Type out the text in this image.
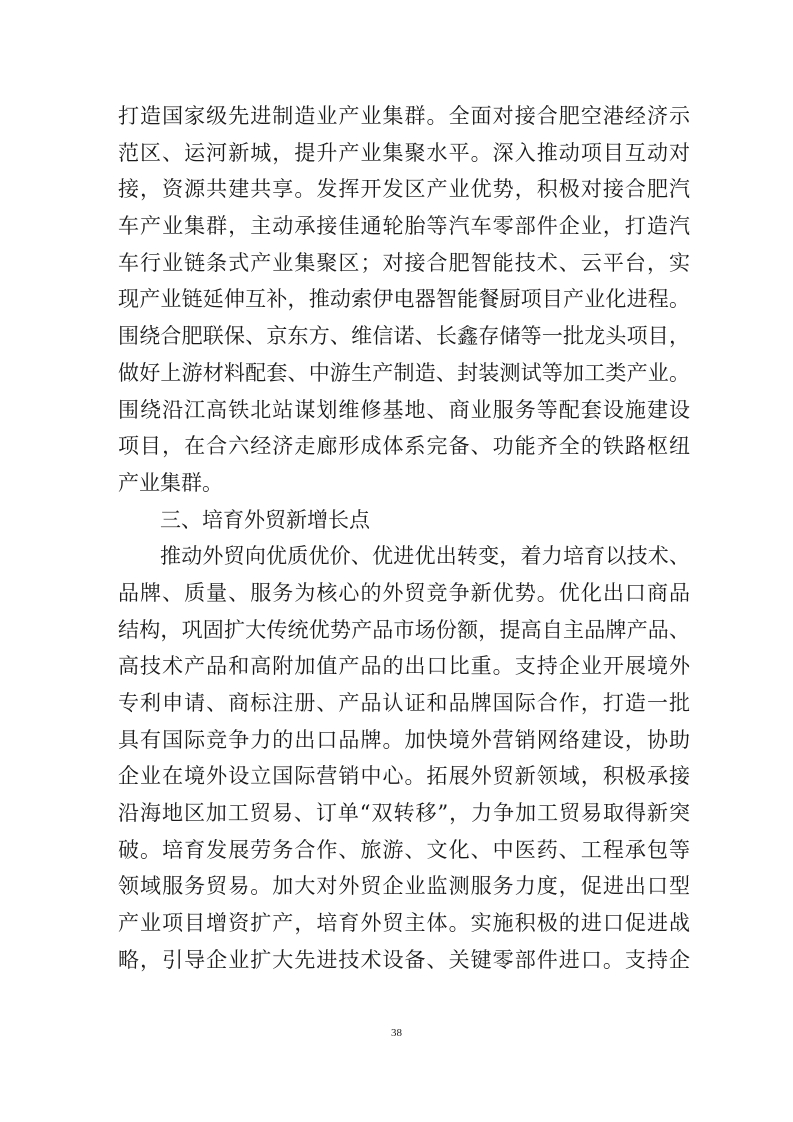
打造国家级先进制造业产业集群。全面对接合肥空港经济示
范区、运河新城，提升产业集聚水平。深入推动项目互动对
接，资源共建共享。发挥开发区产业优势，积极对接合肥汽
车产业集群，主动承接佳通轮胎等汽车零部件企业，打造汽
车行业链条式产业集聚区；对接合肥智能技术、云平台，实
现产业链延伸互补，推动索伊电器智能餐厨项目产业化进程。
围绕合肥联保、京东方、维信诺、长鑫存储等一批龙头项目，
做好上游材料配套、中游生产制造、封装测试等加工类产业。
围绕沿江高铁北站谋划维修基地、商业服务等配套设施建设
项目，在合六经济走廊形成体系完备、功能齐全的铁路枢纽
产业集群。
三、培育外贸新增长点
推动外贸向优质优价、优进优出转变，着力培育以技术、
品牌、质量、服务为核心的外贸竞争新优势。优化出口商品
结构，巩固扩大传统优势产品市场份额，提高自主品牌产品、
高技术产品和高附加值产品的出口比重。支持企业开展境外
专利申请、商标注册、产品认证和品牌国际合作，打造一批
具有国际竞争力的出口品牌。加快境外营销网络建设，协助
企业在境外设立国际营销中心。拓展外贸新领域，积极承接
沿海地区加工贸易、订单“双转移”，力争加工贸易取得新突
破。培育发展劳务合作、旅游、文化、中医药、工程承包等
领域服务贸易。加大对外贸企业监测服务力度，促进出口型
产业项目增资扩产，培育外贸主体。实施积极的进口促进战
略，引导企业扩大先进技术设备、关键零部件进口。支持企
38
